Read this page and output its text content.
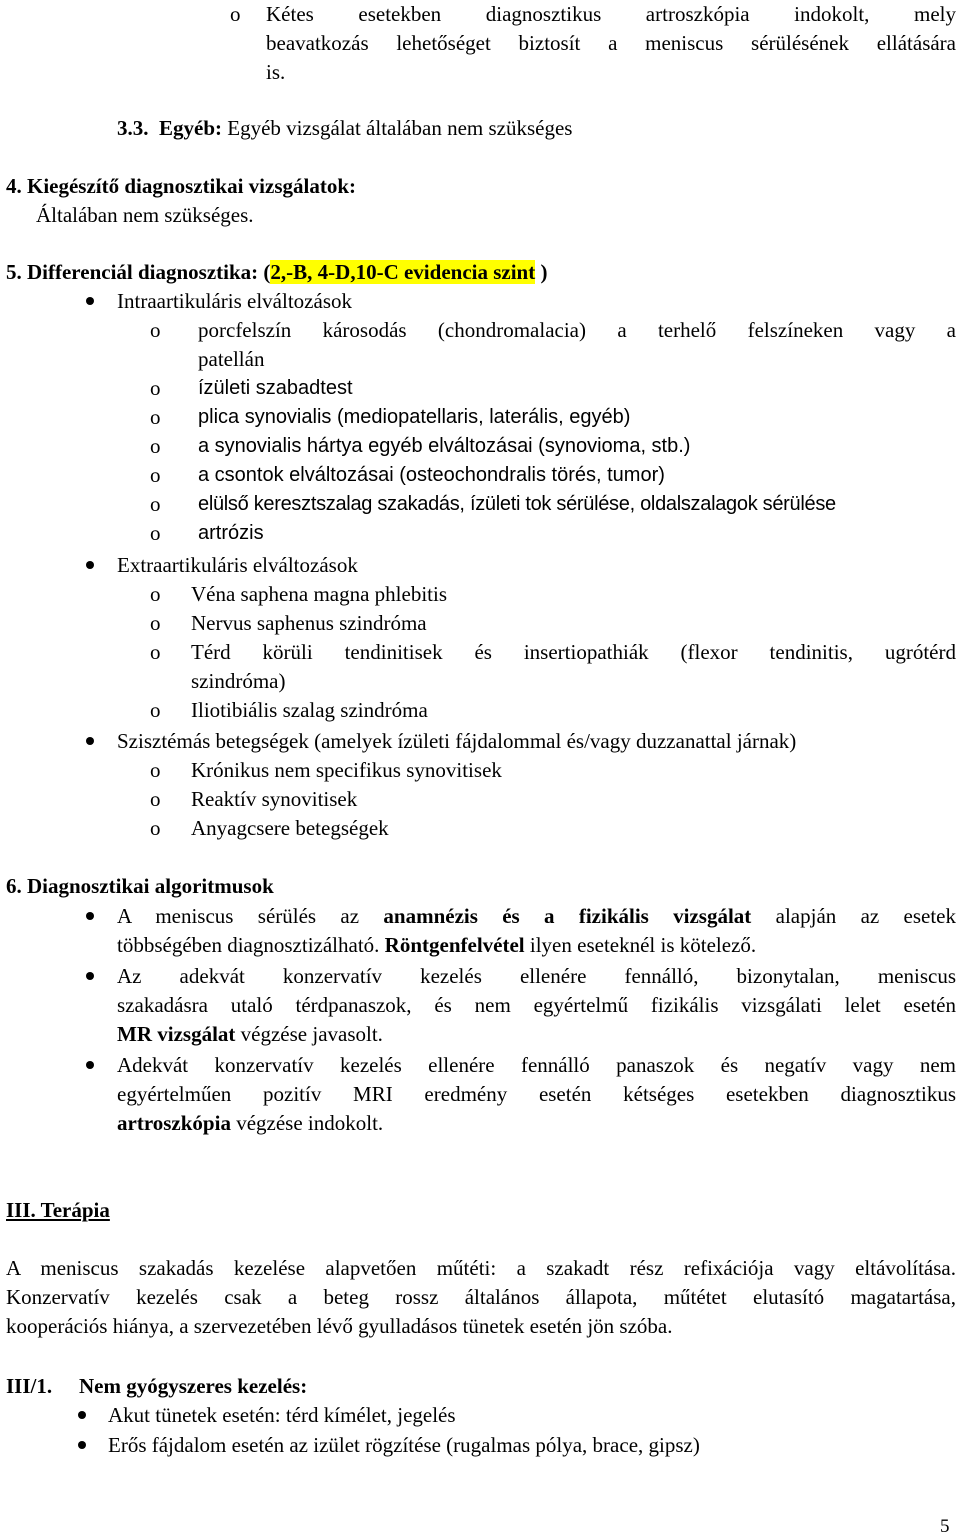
o	Kétes esetekben diagnosztikus artroszkópia indokolt, mely
beavatkozás lehetőséget biztosít a meniscus sérülésének ellátására
is.
3.3. Egyéb: Egyéb vizsgálat általában nem szükséges
4. Kiegészítő diagnosztikai vizsgálatok:
Általában nem szükséges.
5. Differenciál diagnosztika: (2,-B, 4-D,10-C evidencia szint )
Intraartikuláris elváltozások
o	porcfelszín károsodás (chondromalacia) a terhelő felszíneken vagy a
patellán
o	ízületi szabadtest
o	plica synovialis (mediopatellaris, laterális, egyéb)
o	a synovialis hártya egyéb elváltozásai (synovioma, stb.)
o	a csontok elváltozásai (osteochondralis törés, tumor)
o	elülső keresztszalag szakadás, ízületi tok sérülése, oldalszalagok sérülése
o	artrózis
Extraartikuláris elváltozások
o Véna saphena magna phlebitis
o Nervus saphenus szindróma
o Térd körüli tendinitisek és insertiopathiák (flexor tendinitis, ugrótérd
szindróma)
o Iliotibiális szalag szindróma
Szisztémás betegségek (amelyek ízületi fájdalommal és/vagy duzzanattal járnak)
o Krónikus nem specifikus synovitisek
o Reaktív synovitisek
o Anyagcsere betegségek
6. Diagnosztikai algoritmusok
A meniscus sérülés az anamnézis és a fizikális vizsgálat alapján az esetek
többségében diagnosztizálható. Röntgenfelvétel ilyen eseteknél is kötelező.
Az adekvát konzervatív kezelés ellenére fennálló, bizonytalan, meniscus
szakadásra utaló térdpanaszok, és nem egyértelmű fizikális vizsgálati lelet esetén
MR vizsgálat végzése javasolt.
Adekvát konzervatív kezelés ellenére fennálló panaszok és negatív vagy nem
egyértelműen pozitív MRI eredmény esetén kétséges esetekben diagnosztikus
artroszkópia végzése indokolt.
III. Terápia
A meniscus szakadás kezelése alapvetően műtéti: a szakadt rész refixációja vagy eltávolítása.
Konzervatív kezelés csak a beteg rossz általános állapota, műtétet elutasító magatartása,
kooperációs hiánya, a szervezetében lévő gyulladásos tünetek esetén jön szóba.
III/1. Nem gyógyszeres kezelés:
Akut tünetek esetén: térd kímélet, jegelés
Erős fájdalom esetén az izület rögzítése (rugalmas pólya, brace, gipsz)
5
